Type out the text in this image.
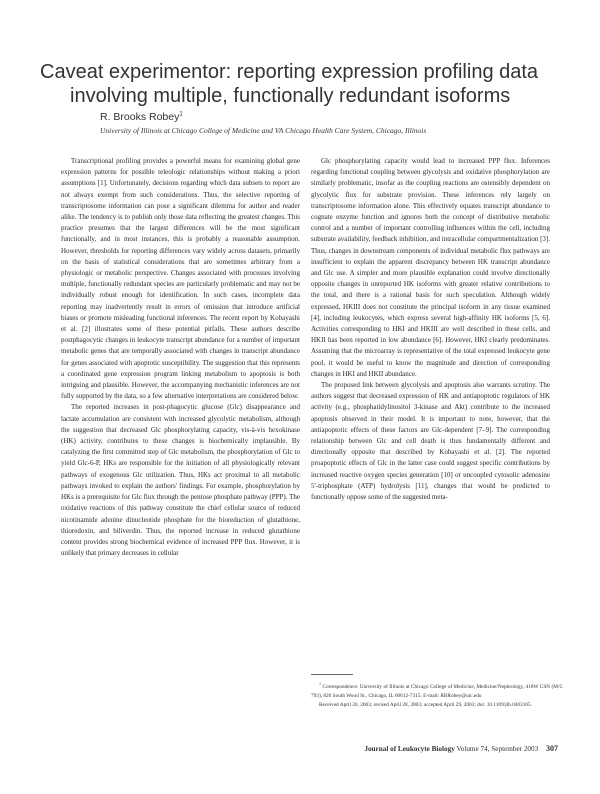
Caveat experimentor: reporting expression profiling data
involving multiple, functionally redundant isoforms
R. Brooks Robey$^1$
University of Illinois at Chicago College of Medicine and VA Chicago Health Care System, Chicago, Illinois

Transcriptional profiling provides a powerful means for examining global gene expression patterns for possible teleologic relationships without making a priori assumptions [1]. Unfortunately, decisions regarding which data subsets to report are not always exempt from such considerations. Thus, the selective reporting of transcriptosome information can pose a significant dilemma for author and reader alike. The tendency is to publish only those data reflecting the greatest changes. This practice presumes that the largest differences will be the most significant functionally, and in most instances, this is probably a reasonable assumption. However, thresholds for reporting differences vary widely across datasets, primarily on the basis of statistical considerations that are sometimes arbitrary from a physiologic or metabolic perspective. Changes associated with processes involving multiple, functionally redundant species are particularly problematic and may not be individually robust enough for identification. In such cases, incomplete data reporting may inadvertently result in errors of omission that introduce artificial biases or promote misleading functional inferences. The recent report by Kobayashi et al. [2] illustrates some of these potential pitfalls. These authors describe postphagocytic changes in leukocyte transcript abundance for a number of important metabolic genes that are temporally associated with changes in transcript abundance for genes associated with apoptotic susceptibility. The suggestion that this represents a coordinated gene expression program linking metabolism to apoptosis is both intriguing and plausible. However, the accompanying mechanistic inferences are not fully supported by the data, so a few alternative interpretations are considered below.

The reported increases in post-phagocytic glucose (Glc) disappearance and lactate accumulation are consistent with increased glycolytic metabolism, although the suggestion that decreased Glc phosphorylating capacity, vis-à-vis hexokinase (HK) activity, contributes to these changes is biochemically implausible. By catalyzing the first committed step of Glc metabolism, the phosphorylation of Glc to yield Glc-6-P, HKs are responsible for the initiation of all physiologically relevant pathways of exogenous Glc utilization. Thus, HKs act proximal to all metabolic pathways invoked to explain the authors' findings. For example, phosphorylation by HKs is a prerequisite for Glc flux through the pentose phosphate pathway (PPP). The oxidative reactions of this pathway constitute the chief cellular source of reduced nicotinamide adenine dinucleotide phosphate for the bioreduction of glutathione, thioredoxin, and biliverdin. Thus, the reported increase in reduced glutathione content provides strong biochemical evidence of increased PPP flux. However, it is unlikely that primary decreases in cellular

Glc phosphorylating capacity would lead to increased PPP flux. Inferences regarding functional coupling between glycolysis and oxidative phosphorylation are similarly problematic, insofar as the coupling reactions are ostensibly dependent on glycolytic flux for substrate provision. These inferences rely largely on transcriptosome information alone. This effectively equates transcript abundance to cognate enzyme function and ignores both the concept of distributive metabolic control and a number of important controlling influences within the cell, including substrate availability, feedback inhibition, and intracellular compartmentalization [3]. Thus, changes in downstream components of individual metabolic flux pathways are insufficient to explain the apparent discrepancy between HK transcript abundance and Glc use. A simpler and more plausible explanation could involve directionally opposite changes in unreported HK isoforms with greater relative contributions to the total, and there is a rational basis for such speculation. Although widely expressed, HKIII does not constitute the principal isoform in any tissue examined [4], including leukocytes, which express several high-affinity HK isoforms [5, 6]. Activities corresponding to HKI and HKIII are well described in these cells, and HKII has been reported in low abundance [6]. However, HKI clearly predominates. Assuming that the microarray is representative of the total expressed leukocyte gene pool, it would be useful to know the magnitude and direction of corresponding changes in HKI and HKII abundance.

The proposed link between glycolysis and apoptosis also warrants scrutiny. The authors suggest that decreased expression of HK and antiapoptotic regulators of HK activity (e.g., phosphatidylinositol 3-kinase and Akt) contribute to the increased apoptosis observed in their model. It is important to note, however, that the antiapoptotic effects of these factors are Glc-dependent [7–9]. The corresponding relationship between Glc and cell death is thus fundamentally different and directionally opposite that described by Kobayashi et al. [2]. The reported proapoptotic effects of Glc in the latter case could suggest specific contributions by increased reactive oxygen species generation [10] or uncoupled cytosolic adenosine 5'-triphosphate (ATP) hydrolysis [11], changes that would be predicted to functionally oppose some of the suggested meta-

$^1$ Correspondence: University of Illinois at Chicago College of Medicine, Medicine/Nephrology, 418W CSN (M/C 793), 820 South Wood St., Chicago, IL 60612-7315. E-mail: RBRobey@uic.edu

Received April 20, 2003; revised April 28, 2003; accepted April 29, 2003; doi: 10.1189/jlb.0403165.

Journal of Leukocyte Biology Volume 74, September 2003 307
